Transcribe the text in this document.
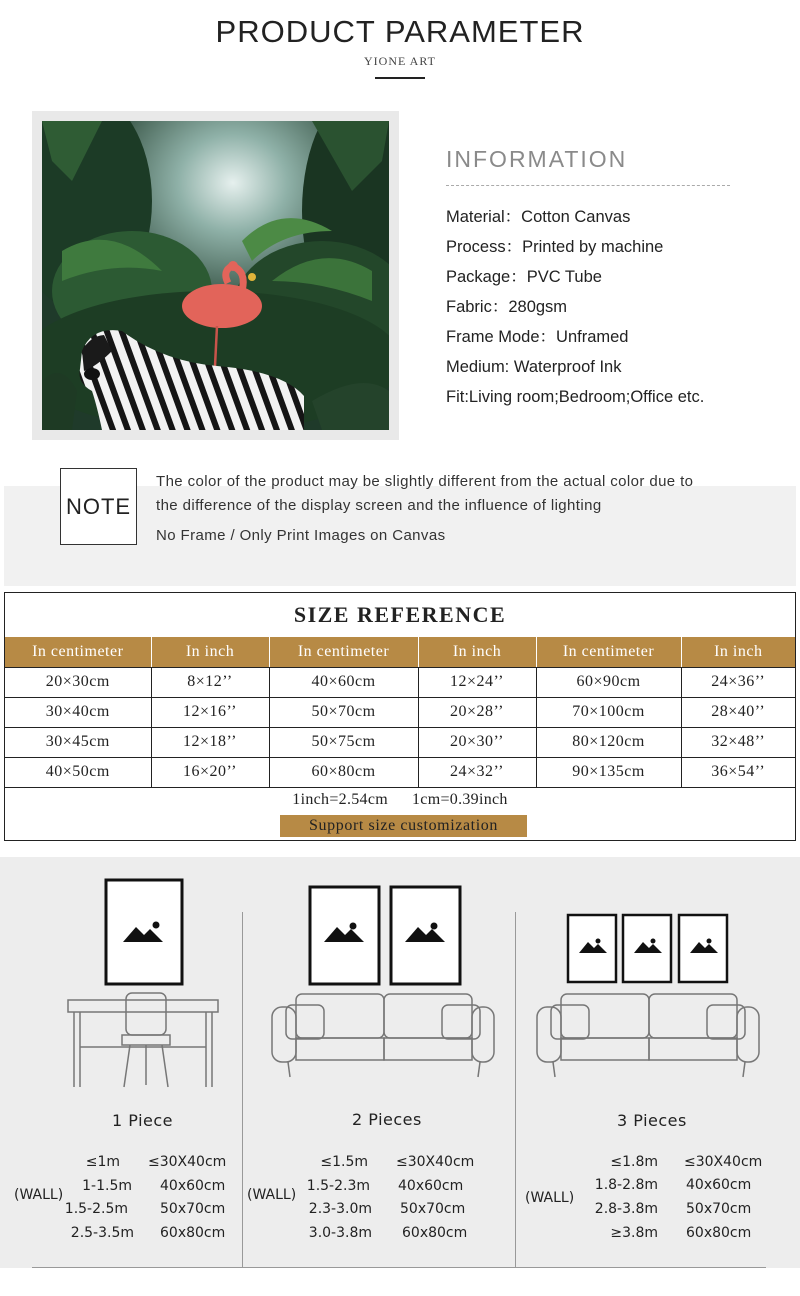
PRODUCT PARAMETER
YIONE ART
INFORMATION
Material：Cotton Canvas
Process：Printed by machine
Package：PVC Tube
Fabric：280gsm
Frame Mode：Unframed
Medium: Waterproof Ink
Fit:Living room;Bedroom;Office etc.
NOTE

The color of the product may be slightly different from the actual color due to

the difference of the display screen and the influence of lighting

No Frame / Only Print Images on Canvas

SIZE REFERENCE
In centimeter	In inch	In centimeter	In inch	In centimeter	In inch
20×30cm	8×12’’	40×60cm	12×24’’	60×90cm	24×36’’
30×40cm	12×16’’	50×70cm	20×28’’	70×100cm	28×40’’
30×45cm	12×18’’	50×75cm	20×30’’	80×120cm	32×48’’
40×50cm	16×20’’	60×80cm	24×32’’	90×135cm	36×54’’
1inch=2.54cm 1cm=0.39inch
Support size customization
1 Piece	2 Pieces	3 Pieces
(WALL)
≤1m ≤30X40cm
1-1.5m 40x60cm
1.5-2.5m 50x70cm
2.5-3.5m 60x80cm
(WALL)
≤1.5m ≤30X40cm
1.5-2.3m 40x60cm
2.3-3.0m 50x70cm
3.0-3.8m 60x80cm
(WALL)
≤1.8m ≤30X40cm
1.8-2.8m 40x60cm
2.8-3.8m 50x70cm
≥3.8m 60x80cm
